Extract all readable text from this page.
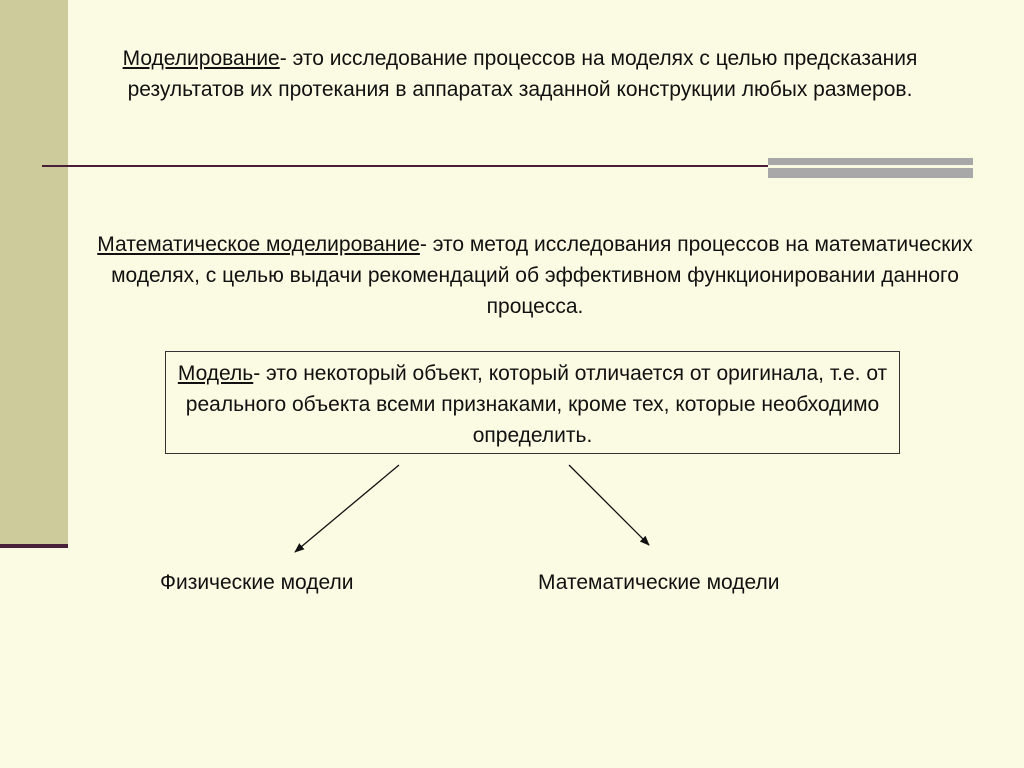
Моделирование- это исследование процессов на моделях с целью предсказания результатов их протекания в аппаратах заданной конструкции любых размеров.
Математическое моделирование- это метод исследования процессов на математических моделях, с целью выдачи рекомендаций об эффективном функционировании данного процесса.
Модель- это некоторый объект, который отличается от оригинала, т.е. от реального объекта всеми признаками, кроме тех, которые необходимо определить.
Физические модели	Математические модели
